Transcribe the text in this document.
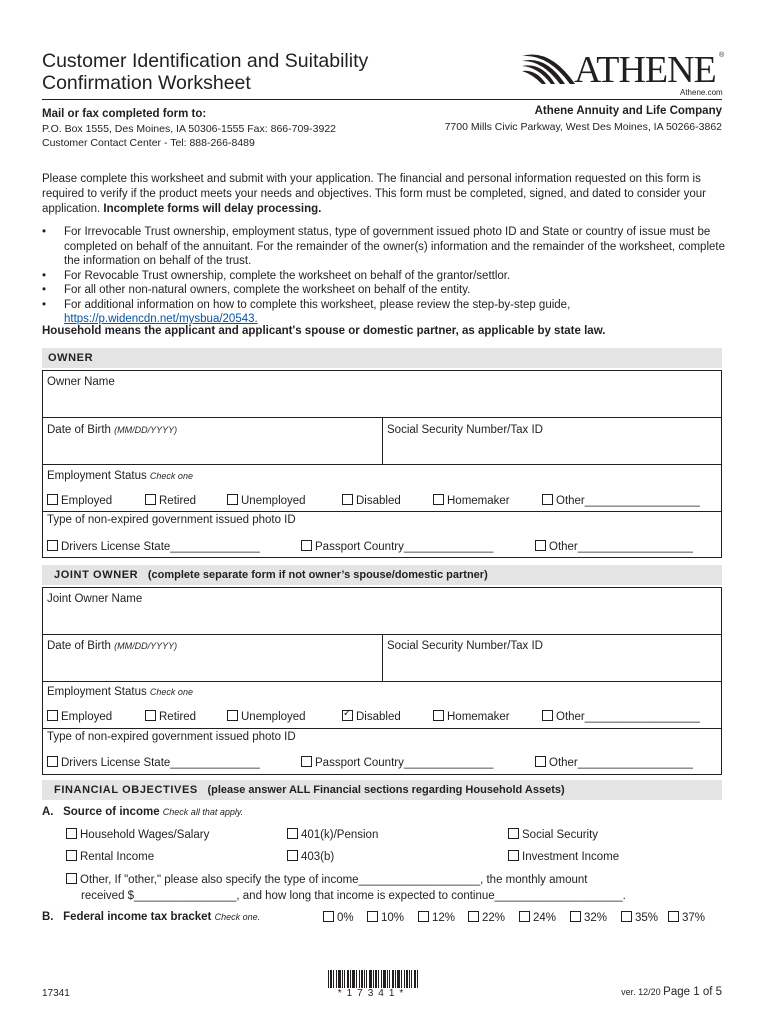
Customer Identification and Suitability
Confirmation Worksheet	ATHENE ®
Athene.com
Mail or fax completed form to:
P.O. Box 1555, Des Moines, IA 50306-1555 Fax: 866-709-3922
Customer Contact Center - Tel: 888-266-8489
Athene Annuity and Life Company
7700 Mills Civic Parkway, West Des Moines, IA 50266-3862
Please complete this worksheet and submit with your application. The financial and personal information requested on this form is required to verify if the product meets your needs and objectives. This form must be completed, signed, and dated to consider your application. Incomplete forms will delay processing.
• For Irrevocable Trust ownership, employment status, type of government issued photo ID and State or country of issue must be completed on behalf of the annuitant. For the remainder of the owner(s) information and the remainder of the worksheet, complete the information on behalf of the trust.
• For Revocable Trust ownership, complete the worksheet on behalf of the grantor/settlor.
• For all other non-natural owners, complete the worksheet on behalf of the entity.
• For additional information on how to complete this worksheet, please review the step-by-step guide,
https://p.widencdn.net/mysbua/20543.
Household means the applicant and applicant's spouse or domestic partner, as applicable by state law.
OWNER
Owner Name
Date of Birth (MM/DD/YYYY)	Social Security Number/Tax ID
Employment Status Check one
Employed	Retired	Unemployed	Disabled	Homemaker	Other__________________
Type of non-expired government issued photo ID
Drivers License State______________	Passport Country______________	Other__________________
JOINT OWNER (complete separate form if not owner’s spouse/domestic partner)
Joint Owner Name
Date of Birth (MM/DD/YYYY)	Social Security Number/Tax ID
Employment Status Check one
Employed	Retired	Unemployed ✓	Disabled	Homemaker	Other__________________
Type of non-expired government issued photo ID
Drivers License State______________	Passport Country______________	Other__________________
FINANCIAL OBJECTIVES (please answer ALL Financial sections regarding Household Assets)
A. Source of income Check all that apply.
Household Wages/Salary	401(k)/Pension	Social Security
Rental Income	403(b)	Investment Income
Other, If "other," please also specify the type of income___________________, the monthly amount
received $________________, and how long that income is expected to continue____________________.
B. Federal income tax bracket Check one.	0%	10%	12%	22%	24%	32%	35%	37%
17341	*17341*	ver. 12/20 Page 1 of 5
